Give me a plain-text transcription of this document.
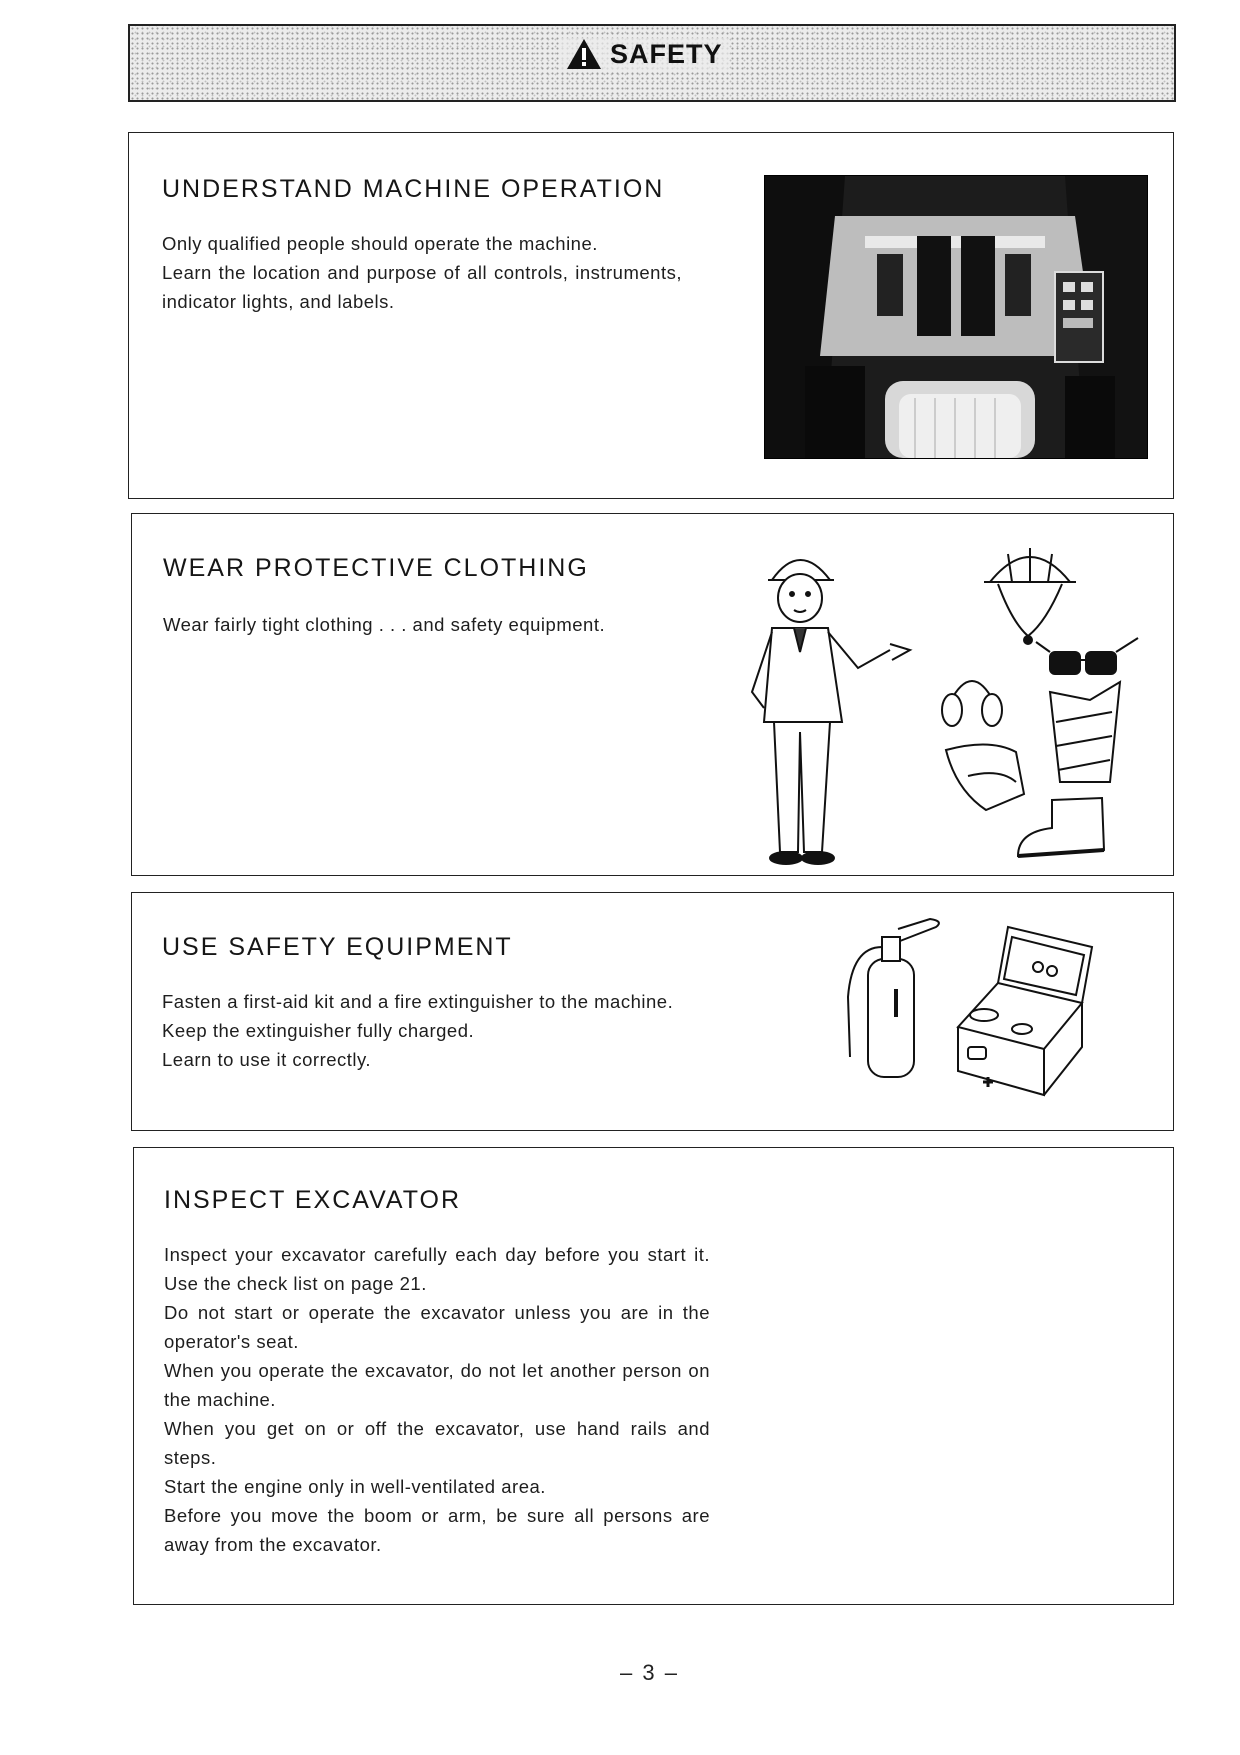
SAFETY
UNDERSTAND MACHINE OPERATION

Only qualified people should operate the machine.

Learn the location and purpose of all controls, instruments, indicator lights, and labels.

WEAR PROTECTIVE CLOTHING

Wear fairly tight clothing . . . and safety equipment.

USE SAFETY EQUIPMENT

Fasten a first-aid kit and a fire extinguisher to the machine.

Keep the extinguisher fully charged.

Learn to use it correctly.

INSPECT EXCAVATOR

Inspect your excavator carefully each day before you start it. Use the check list on page 21.

Do not start or operate the excavator unless you are in the operator's seat.

When you operate the excavator, do not let another person on the machine.

When you get on or off the excavator, use hand rails and steps.

Start the engine only in well-ventilated area.

Before you move the boom or arm, be sure all persons are away from the excavator.

– 3 –
